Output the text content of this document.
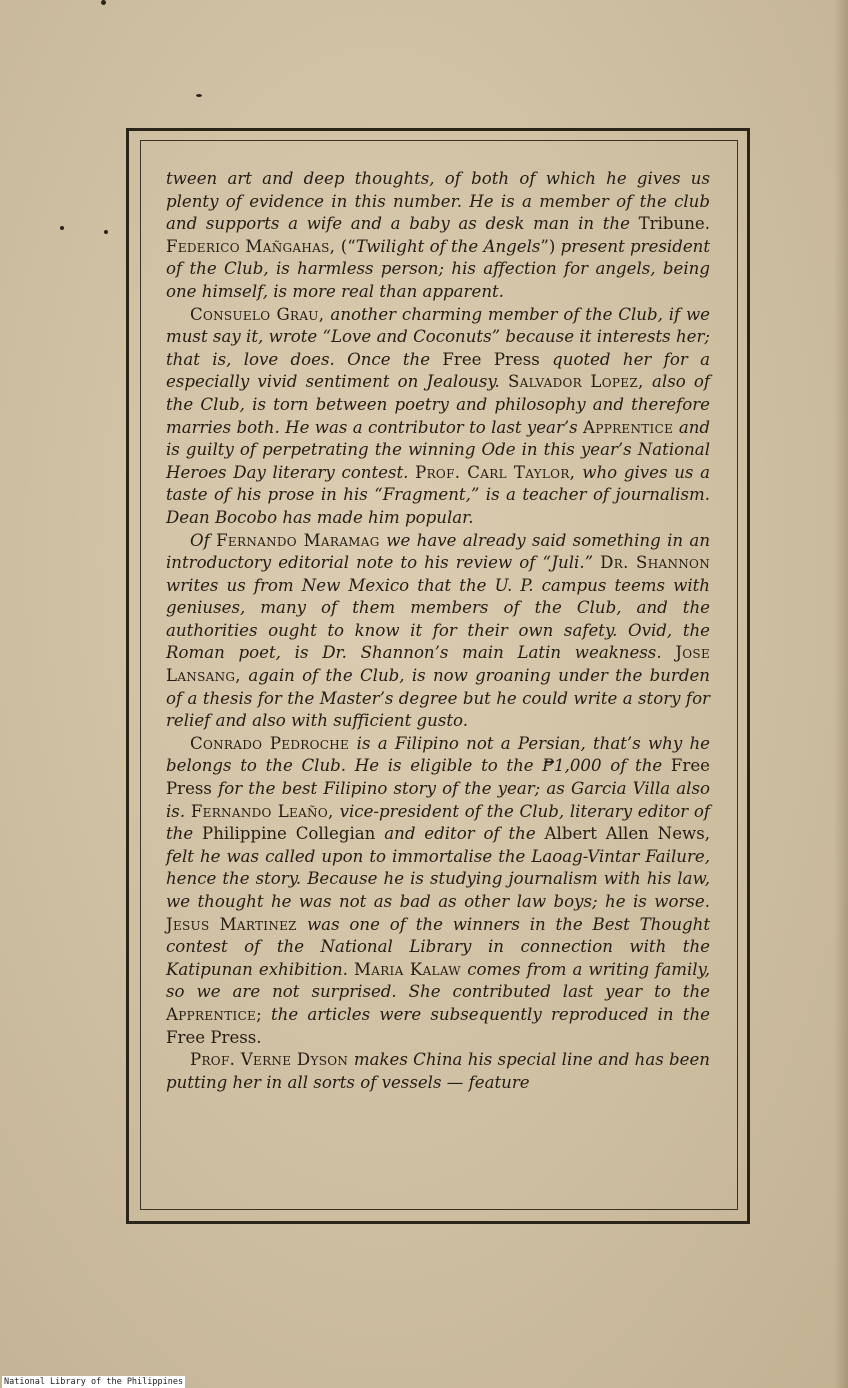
tween art and deep thoughts, of both of which he gives us plenty of evidence in this number. He is a member of the club and supports a wife and a baby as desk man in the Tribune. Federico Mañgahas, (“Twilight of the Angels”) present president of the Club, is harmless person; his affection for angels, being one himself, is more real than apparent.

Consuelo Grau, another charming member of the Club, if we must say it, wrote “Love and Coconuts” because it interests her; that is, love does. Once the Free Press quoted her for a especially vivid sentiment on Jealousy. Salvador Lopez, also of the Club, is torn between poetry and philosophy and therefore marries both. He was a contributor to last year’s Apprentice and is guilty of perpetrating the winning Ode in this year’s National Heroes Day literary contest. Prof. Carl Taylor, who gives us a taste of his prose in his “Fragment,” is a teacher of journalism. Dean Bocobo has made him popular.

Of Fernando Maramag we have already said something in an introductory editorial note to his review of “Juli.” Dr. Shannon writes us from New Mexico that the U. P. campus teems with geniuses, many of them members of the Club, and the authorities ought to know it for their own safety. Ovid, the Roman poet, is Dr. Shannon’s main Latin weakness. Jose Lansang, again of the Club, is now groaning under the burden of a thesis for the Master’s degree but he could write a story for relief and also with sufficient gusto.

Conrado Pedroche is a Filipino not a Persian, that’s why he belongs to the Club. He is eligible to the ₱1,000 of the Free Press for the best Filipino story of the year; as Garcia Villa also is. Fernando Leaño, vice-president of the Club, literary editor of the Philippine Collegian and editor of the Albert Allen News, felt he was called upon to immortalise the Laoag-Vintar Failure, hence the story. Because he is studying journalism with his law, we thought he was not as bad as other law boys; he is worse. Jesus Martinez was one of the winners in the Best Thought contest of the National Library in connection with the Katipunan exhibition. Maria Kalaw comes from a writing family, so we are not surprised. She contributed last year to the Apprentice; the articles were subsequently reproduced in the Free Press.

Prof. Verne Dyson makes China his special line and has been putting her in all sorts of vessels — feature

National Library of the Philippines
